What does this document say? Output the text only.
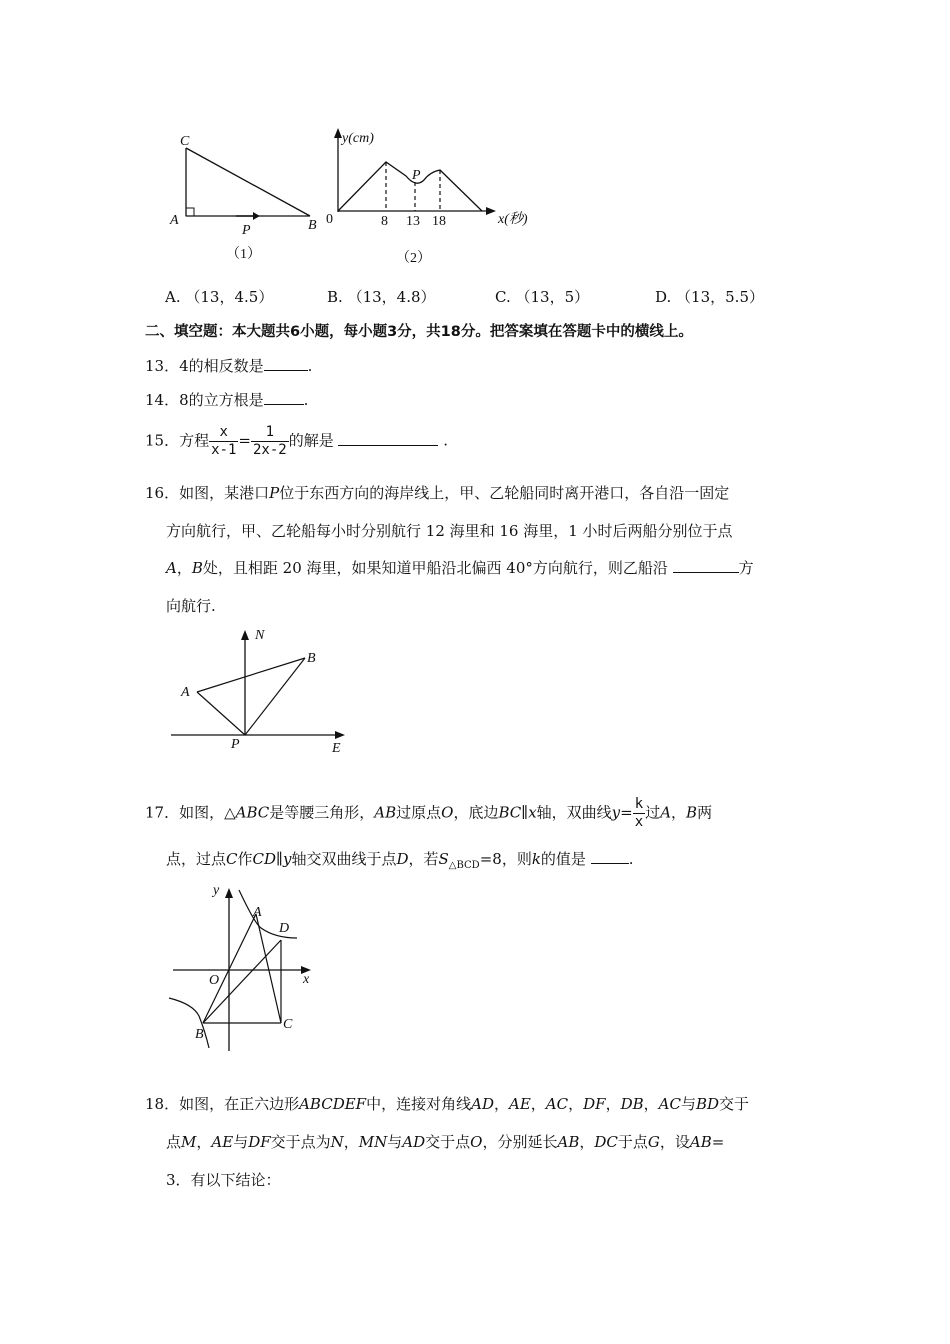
C
A
P	B
（1）
y(cm)
0
P
8 13 18	x(秒)
（2）
A. （13，4.5）	B. （13，4.8）	C. （13，5）	D. （13，5.5）
二、填空题：本大题共6小题，每小题3分，共18分。把答案填在答题卡中的横线上。
13．4的相反数是	.
14．8的立方根是	.
15．方程 $\frac{x}{x-1} = \frac{1}{2x-2}$ 的解是	.
16．如图，某港口P位于东西方向的海岸线上，甲、乙轮船同时离开港口，各自沿一固定
方向航行，甲、乙轮船每小时分别航行 12 海里和 16 海里，1 小时后两船分别位于点
A，B处，且相距 20 海里，如果知道甲船沿北偏西 40°方向航行，则乙船沿	方
向航行.
N
A
B
P	E
17．如图，△ABC是等腰三角形，AB过原点O，底边BC∥x轴，双曲线$y= \frac{k}{x}$ 过A，B两
点，过点C作CD∥y轴交双曲线于点D，若$S_{\triangle BCD}=8$，则k的值是	.
y
A
D
O	x
B
C
18．如图，在正六边形ABCDEF中，连接对角线AD，AE，AC，DF，DB，AC与BD交于
点M，AE与DF交于点为N，MN与AD交于点O，分别延长AB，DC于点G，设AB=
3．有以下结论：
